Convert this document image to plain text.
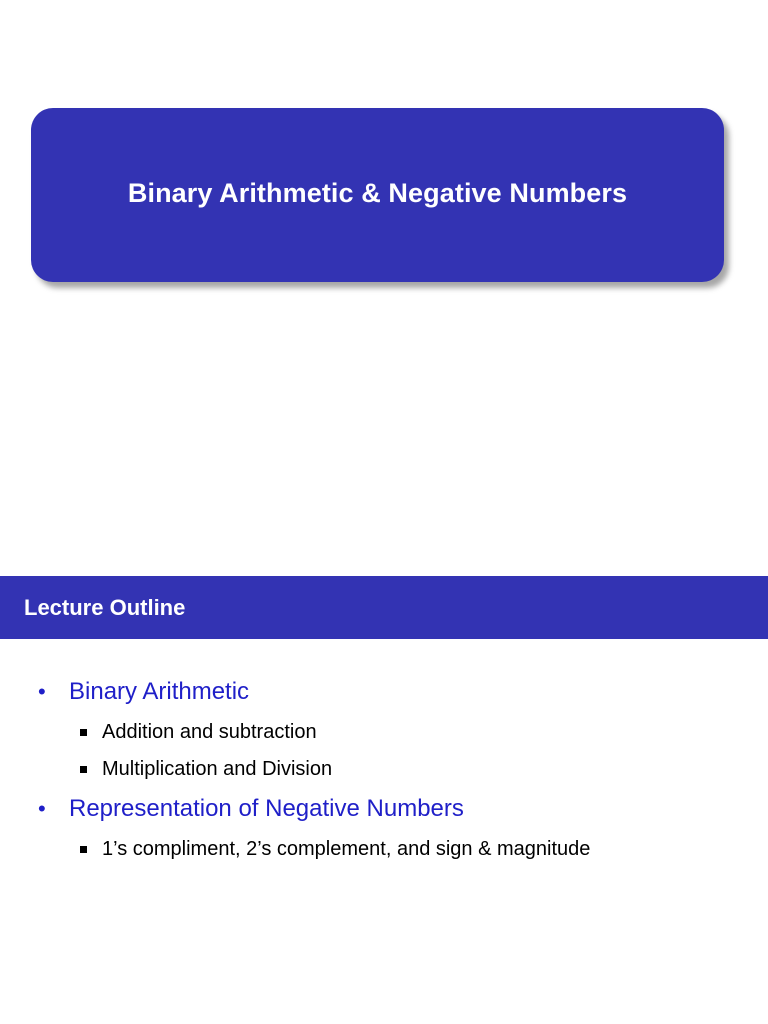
Binary Arithmetic & Negative Numbers
Lecture Outline
• Binary Arithmetic
Addition and subtraction
Multiplication and Division
• Representation of Negative Numbers
1’s compliment, 2’s complement, and sign & magnitude
